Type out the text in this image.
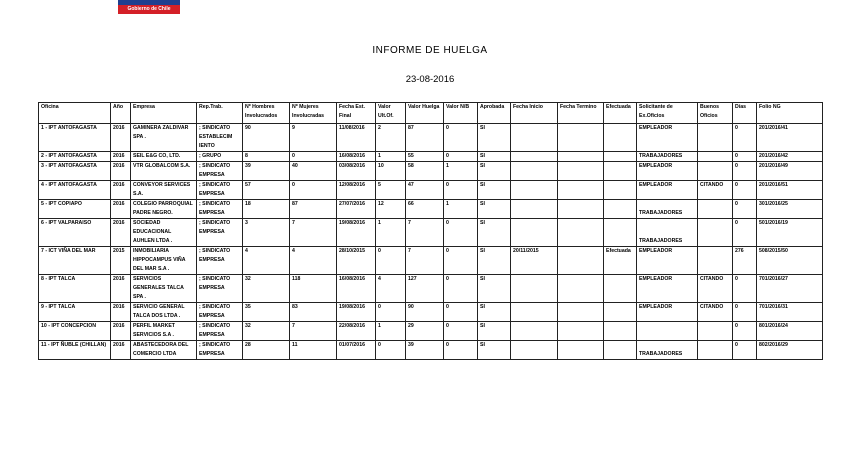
Gobierno de Chile
INFORME DE HUELGA
23-08-2016
Oficina	Año	Empresa	Rep.Trab.	Nº Hombres Involucrados	Nº Mujeres Involucradas	Fecha Est. Final	Valor Ult.Of.	Valor Huelga	Valor N/B	Aprobada	Fecha Inicio	Fecha Termino	Efectuada	Solicitante de Ex.Oficios	Buenos Oficios	Días	Folio NG
1 - IPT ANTOFAGASTA	2016	GAMINERA ZALDIVAR SPA .	; SINDICATO ESTABLECIM IENTO	90	9	11/08/2016	2	87	0	SI				EMPLEADOR		0	201/2016/41
2 - IPT ANTOFAGASTA	2016	SEIL E&G CO, LTD.	; GRUPO	8	0	16/08/2016	1	55	0	SI				TRABAJADORES		0	201/2016/42
3 - IPT ANTOFAGASTA	2016	VTR GLOBALCOM S.A.	; SINDICATO EMPRESA	39	40	03/08/2016	10	58	1	SI				EMPLEADOR		0	201/2016/49
4 - IPT ANTOFAGASTA	2016	CONVEYOR SERVICES S.A.	; SINDICATO EMPRESA	57	0	12/08/2016	5	47	0	SI				EMPLEADOR	CITANDO	0	201/2016/51
5 - IPT COPIAPO	2016	COLEGIO PARROQUIAL PADRE NEGRO.	; SINDICATO EMPRESA	18	87	27/07/2016	12	66	1	SI				TRABAJADORES		0	301/2016/25
6 - IPT VALPARAISO	2016	SOCIEDAD EDUCACIONAL AUHLEN LTDA .	; SINDICATO EMPRESA	3	7	19/08/2016	1	7	0	SI				TRABAJADORES		0	501/2016/19
7 - ICT VIÑA DEL MAR	2015	INMOBILIARIA HIPPOCAMPUS VIÑA DEL MAR S.A .	; SINDICATO EMPRESA	4	4	28/10/2015	0	7	0	SI	20/11/2015		Efectuada	EMPLEADOR		276	508/2015/50
8 - IPT TALCA	2016	SERVICIOS GENERALES TALCA SPA .	; SINDICATO EMPRESA	32	118	16/08/2016	4	127	0	SI				EMPLEADOR	CITANDO	0	701/2016/27
9 - IPT TALCA	2016	SERVICIO GENERAL TALCA DOS LTDA .	; SINDICATO EMPRESA	35	83	19/08/2016	0	90	0	SI				EMPLEADOR	CITANDO	0	701/2016/31
10 - IPT CONCEPCION	2016	PERFIL MARKET SERVICIOS S.A .	; SINDICATO EMPRESA	32	7	22/08/2016	1	29	0	SI						0	801/2016/24
11 - IPT ÑUBLE (CHILLAN)	2016	ABASTECEDORA DEL COMERCIO LTDA	; SINDICATO EMPRESA	28	11	01/07/2016	0	39	0	SI				TRABAJADORES		0	802/2016/29
